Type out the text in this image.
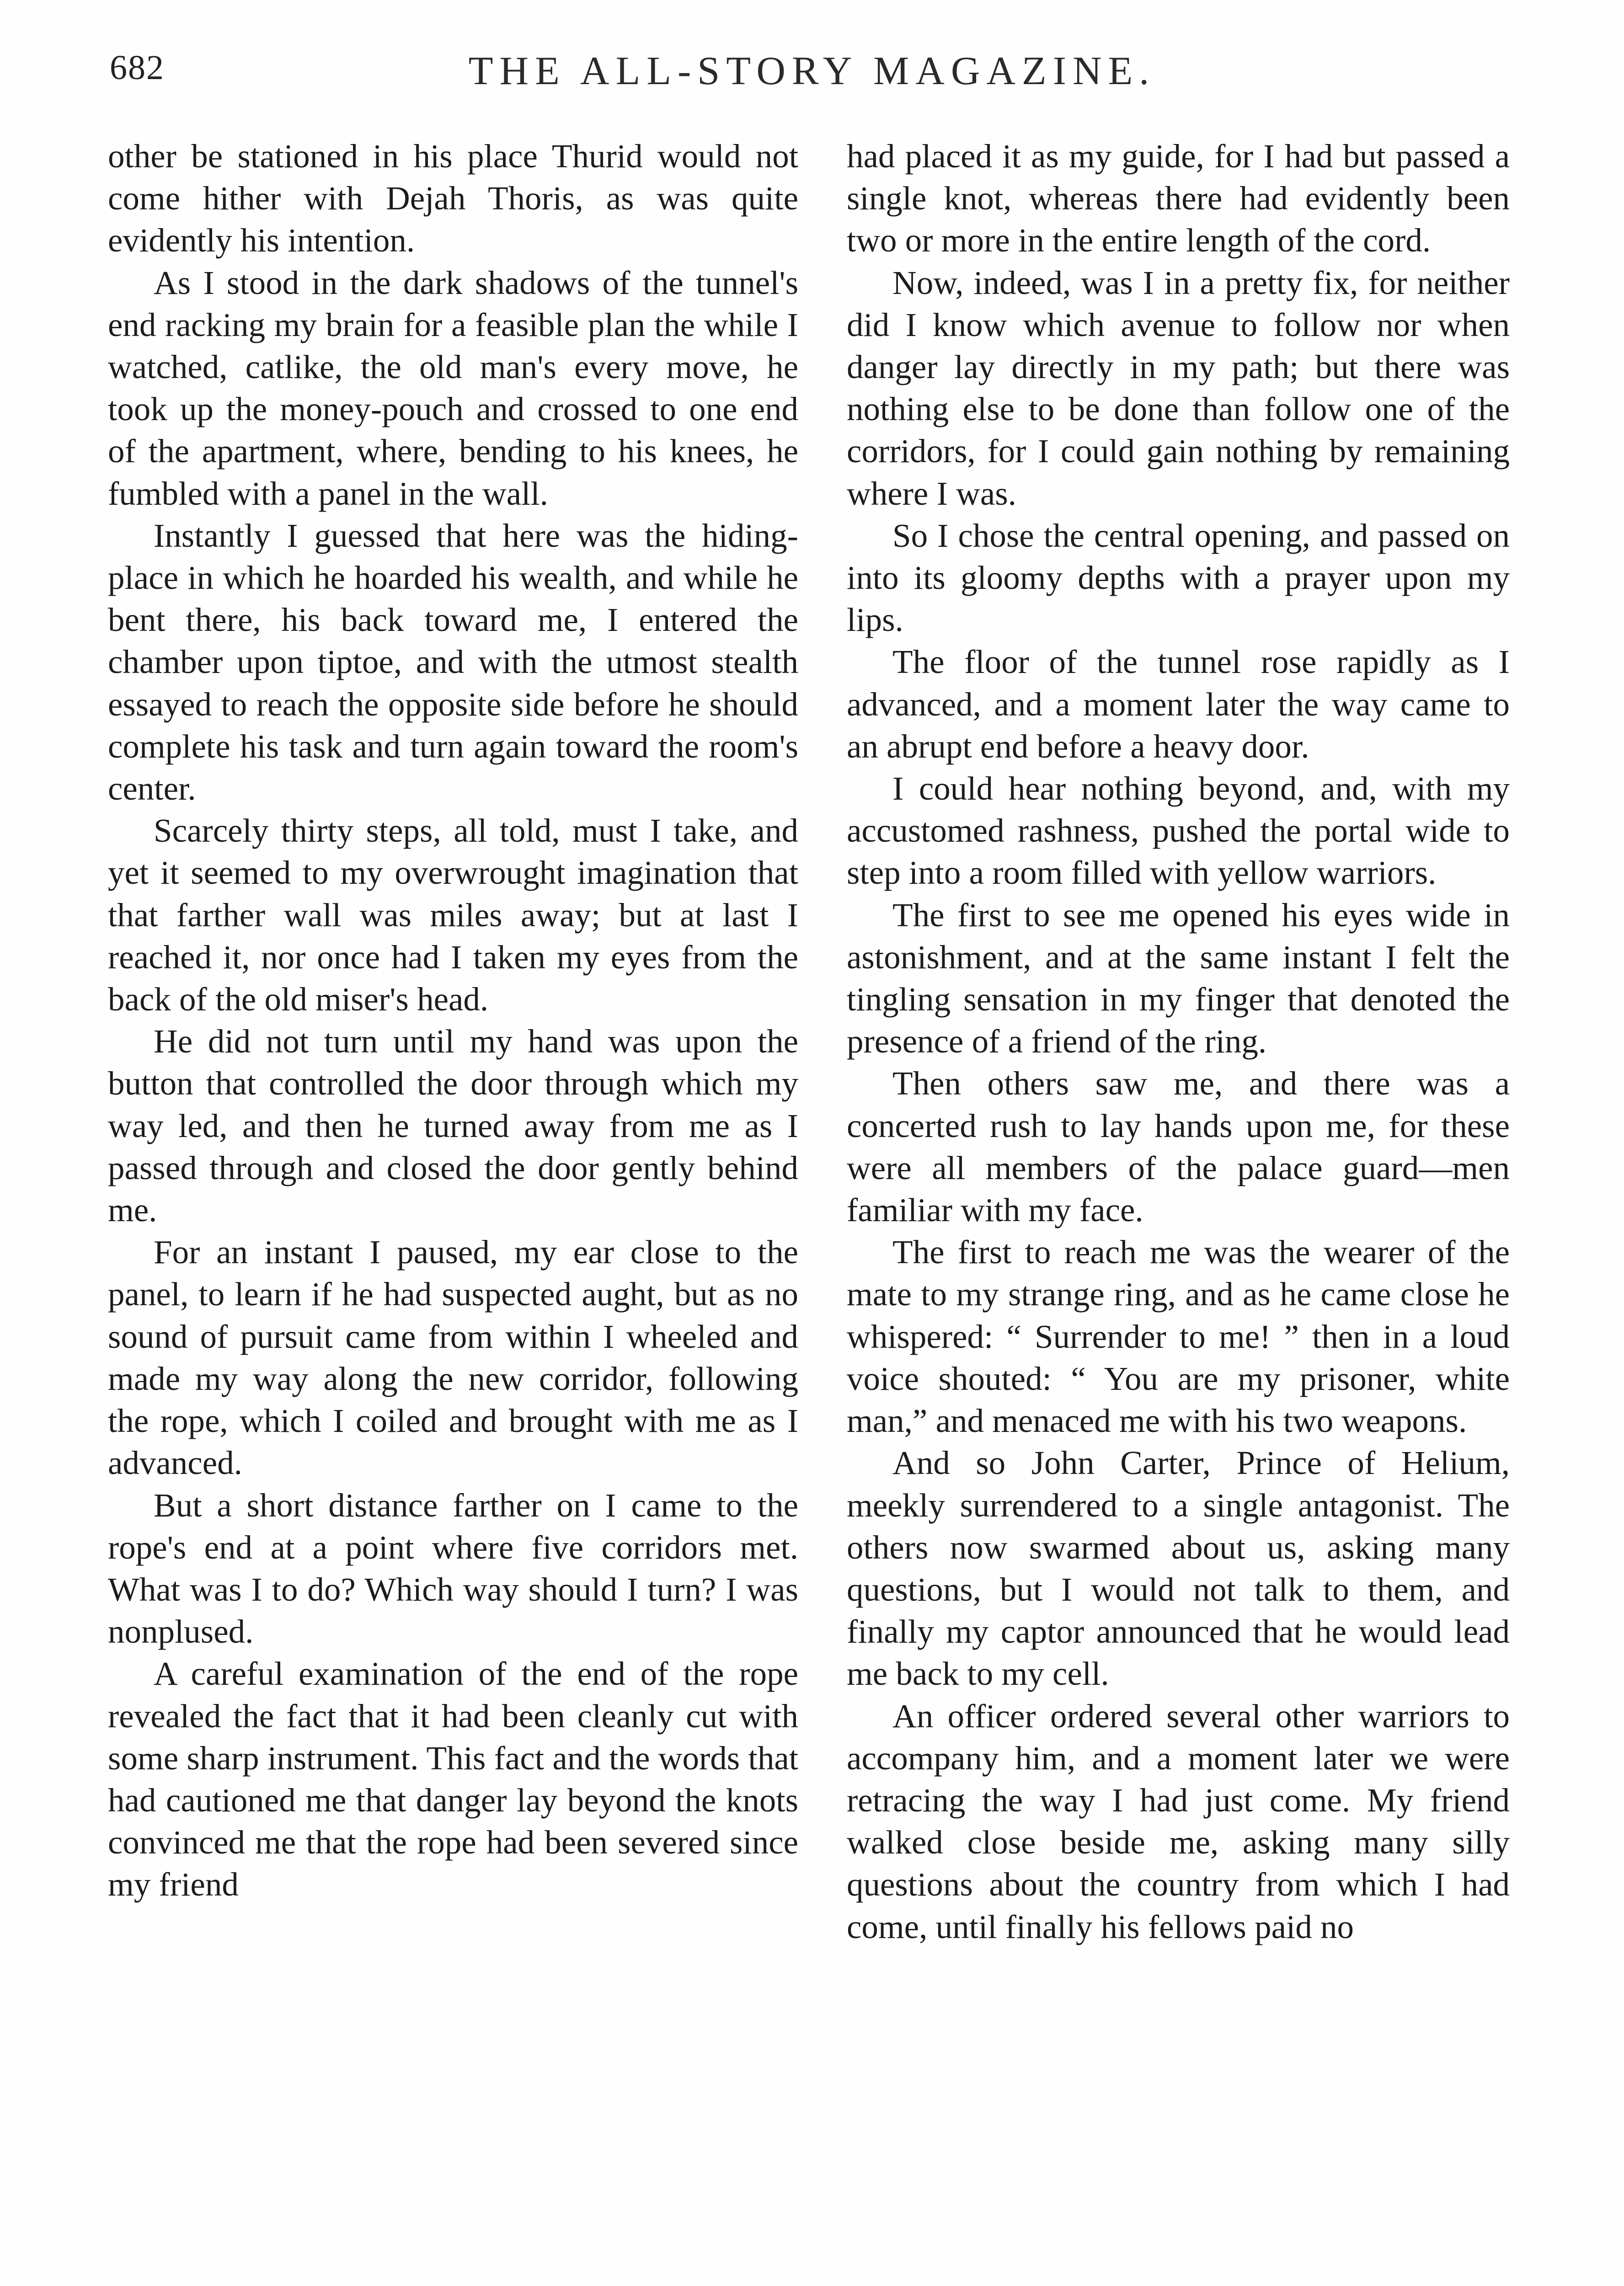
682	THE ALL-STORY MAGAZINE.

other be stationed in his place Thurid would not come hither with Dejah Thoris, as was quite evidently his intention.

As I stood in the dark shadows of the tunnel's end racking my brain for a feasible plan the while I watched, catlike, the old man's every move, he took up the money-pouch and crossed to one end of the apartment, where, bending to his knees, he fumbled with a panel in the wall.

Instantly I guessed that here was the hiding-place in which he hoarded his wealth, and while he bent there, his back toward me, I entered the chamber upon tiptoe, and with the utmost stealth essayed to reach the opposite side before he should complete his task and turn again toward the room's center.

Scarcely thirty steps, all told, must I take, and yet it seemed to my overwrought imagination that that farther wall was miles away; but at last I reached it, nor once had I taken my eyes from the back of the old miser's head.

He did not turn until my hand was upon the button that controlled the door through which my way led, and then he turned away from me as I passed through and closed the door gently behind me.

For an instant I paused, my ear close to the panel, to learn if he had suspected aught, but as no sound of pursuit came from within I wheeled and made my way along the new corridor, following the rope, which I coiled and brought with me as I advanced.

But a short distance farther on I came to the rope's end at a point where five corridors met. What was I to do? Which way should I turn? I was nonplused.

A careful examination of the end of the rope revealed the fact that it had been cleanly cut with some sharp instrument. This fact and the words that had cautioned me that danger lay beyond the knots convinced me that the rope had been severed since my friend

had placed it as my guide, for I had but passed a single knot, whereas there had evidently been two or more in the entire length of the cord.

Now, indeed, was I in a pretty fix, for neither did I know which avenue to follow nor when danger lay directly in my path; but there was nothing else to be done than follow one of the corridors, for I could gain nothing by remaining where I was.

So I chose the central opening, and passed on into its gloomy depths with a prayer upon my lips.

The floor of the tunnel rose rapidly as I advanced, and a moment later the way came to an abrupt end before a heavy door.

I could hear nothing beyond, and, with my accustomed rashness, pushed the portal wide to step into a room filled with yellow warriors.

The first to see me opened his eyes wide in astonishment, and at the same instant I felt the tingling sensation in my finger that denoted the presence of a friend of the ring.

Then others saw me, and there was a concerted rush to lay hands upon me, for these were all members of the palace guard—men familiar with my face.

The first to reach me was the wearer of the mate to my strange ring, and as he came close he whispered: “ Surrender to me! ” then in a loud voice shouted: “ You are my prisoner, white man,” and menaced me with his two weapons.

And so John Carter, Prince of Helium, meekly surrendered to a single antagonist. The others now swarmed about us, asking many questions, but I would not talk to them, and finally my captor announced that he would lead me back to my cell.

An officer ordered several other warriors to accompany him, and a moment later we were retracing the way I had just come. My friend walked close beside me, asking many silly questions about the country from which I had come, until finally his fellows paid no
